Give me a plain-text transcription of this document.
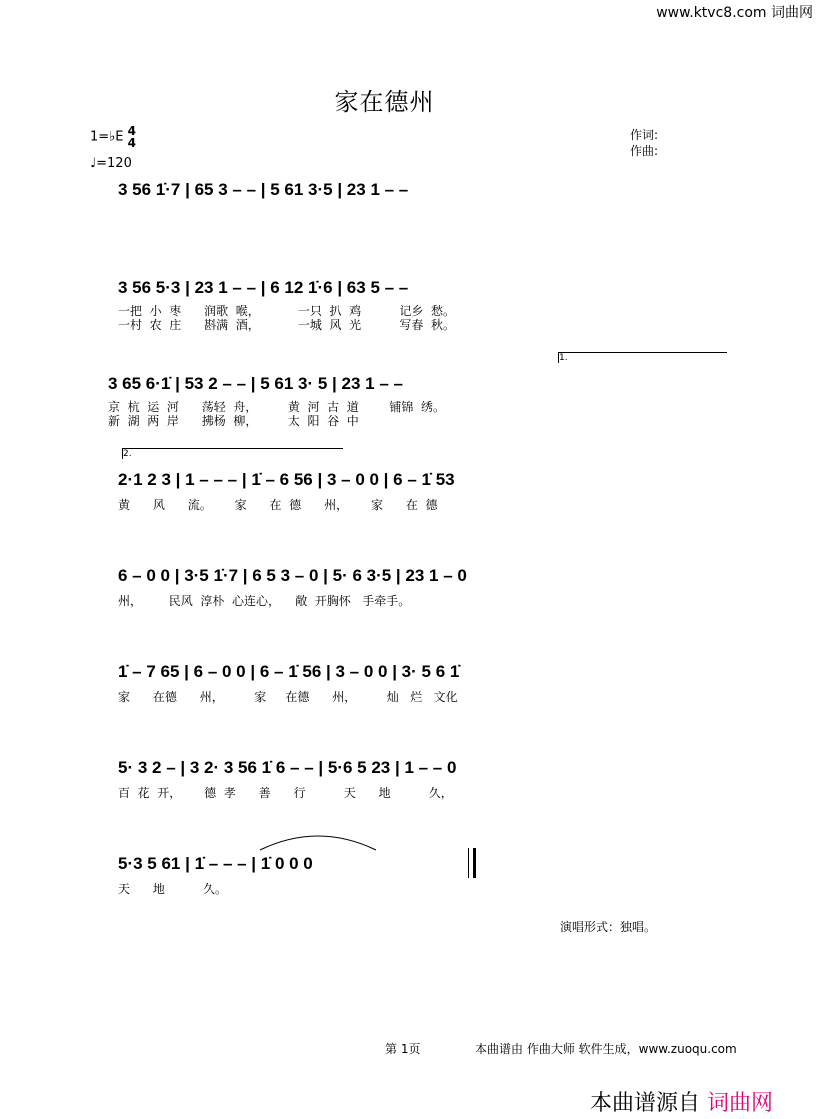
www.ktvc8.com 词曲网
家在德州
1=♭E 4
4
♩=120
作词:
作曲:
3 56 1̇·7 | 65 3 – – | 5 61 3·5 | 23 1 – –
3 56 5·3 | 23 1 – – | 6 12 1̇·6 | 63 5 – –
一把  小  枣      润歌  喉，          一只  扒  鸡          记乡  愁。
一村  农  庄      斟满  酒，          一城  风  光          写春  秋。
1.
3 65 6·1̇ | 53 2 – – | 5 61 3· 5 | 23 1 – –
京  杭  运  河      荡轻  舟，        黄  河  古  道        铺锦  绣。
新  湖  两  岸      拂杨  柳，        太  阳  谷  中
2.
2·1 2 3 | 1 – – – | 1̇ – 6 56 | 3 – 0 0 | 6 – 1̇ 53
黄      风      流。      家      在  德      州，      家      在  德
6 – 0 0 | 3·5 1̇·7 | 6 5 3 – 0 | 5· 6 3·5 | 23 1 – 0
州，       民风  淳朴  心连心，    敞  开胸怀   手牵手。
1̇ – 7 65 | 6 – 0 0 | 6 – 1̇ 56 | 3 – 0 0 | 3· 5 6 1̇
家      在德      州，        家     在德      州，        灿   烂   文化
5· 3 2 – | 3 2· 3 56 1̇ 6 – – | 5·6 5 23 | 1 – – 0
百  花  开，      德  孝      善      行          天      地          久，
5·3 5 61 | 1̇ – – – | 1̇ 0 0 0
天      地          久。
演唱形式：独唱。
第 1页	本曲谱由 作曲大师 软件生成，www.zuoqu.com
本曲谱源自 词曲网
